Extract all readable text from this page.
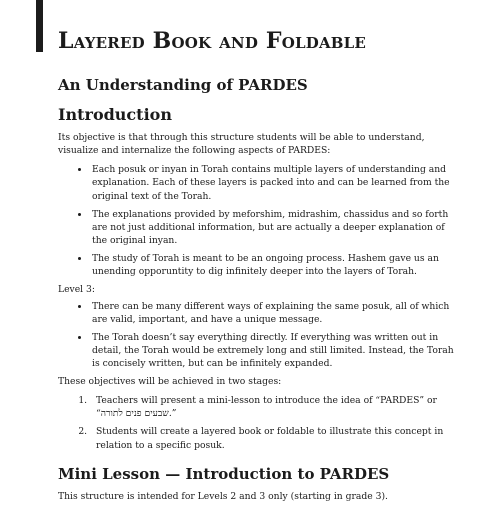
Layered Book and Foldable
An Understanding of PARDES
Introduction

Its objective is that through this structure students will be able to understand, visualize and internalize the following aspects of PARDES:

• Each posuk or inyan in Torah contains multiple layers of understanding and explanation. Each of these layers is packed into and can be learned from the original text of the Torah.
• The explanations provided by meforshim, midrashim, chassidus and so forth are not just additional information, but are actually a deeper explanation of the original inyan.
• The study of Torah is meant to be an ongoing process. Hashem gave us an unending opporuntity to dig infinitely deeper into the layers of Torah.

Level 3:

• There can be many different ways of explaining the same posuk, all of which are valid, important, and have a unique message.
• The Torah doesn’t say everything directly. If everything was written out in detail, the Torah would be extremely long and still limited. Instead, the Torah is concisely written, but can be infinitely expanded.

These objectives will be achieved in two stages:

1. Teachers will present a mini-lesson to introduce the idea of “PARDES” or “שבעים פנים לתורה.”
2. Students will create a layered book or foldable to illustrate this concept in relation to a specific posuk.
Mini Lesson — Introduction to PARDES

This structure is intended for Levels 2 and 3 only (starting in grade 3).
